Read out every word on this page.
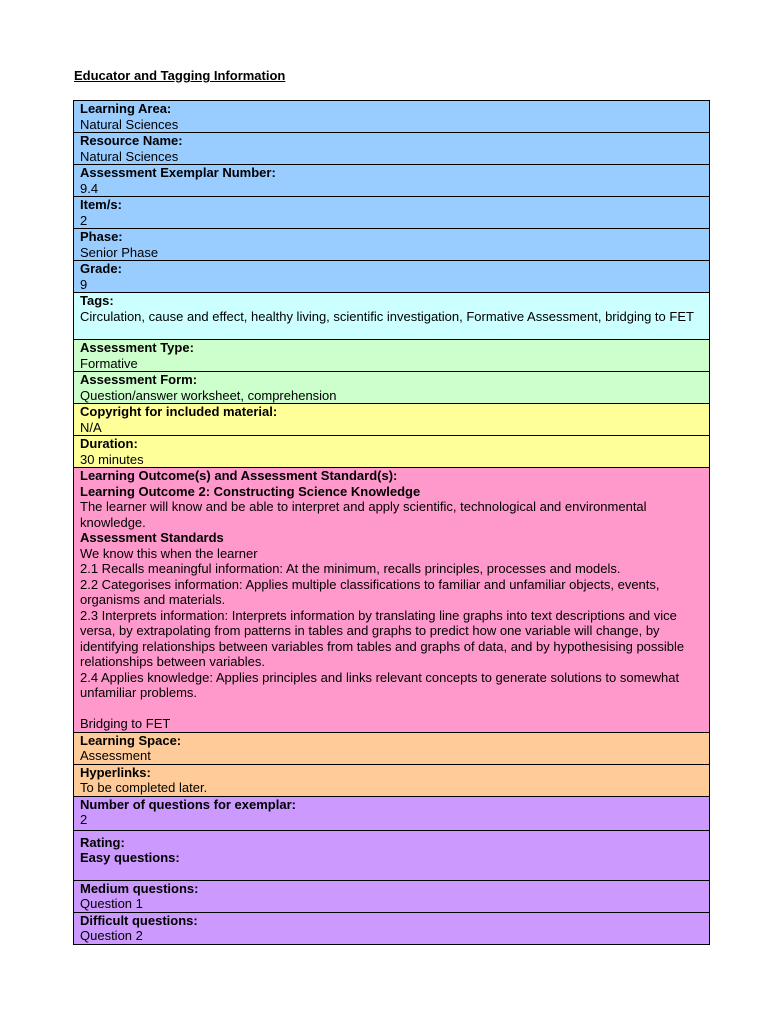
Educator and Tagging Information
Learning Area:
Natural Sciences

Resource Name:
Natural Sciences

Assessment Exemplar Number:
9.4

Item/s:
2

Phase:
Senior Phase

Grade:
9

Tags:
Circulation, cause and effect, healthy living, scientific investigation, Formative Assessment, bridging to FET

Assessment Type:
Formative

Assessment Form:
Question/answer worksheet, comprehension

Copyright for included material:
N/A

Duration:
30 minutes

Learning Outcome(s) and Assessment Standard(s):
Learning Outcome 2: Constructing Science Knowledge
The learner will know and be able to interpret and apply scientific, technological and environmental knowledge.
Assessment Standards
We know this when the learner
2.1 Recalls meaningful information: At the minimum, recalls principles, processes and models.
2.2 Categorises information: Applies multiple classifications to familiar and unfamiliar objects, events, organisms and materials.
2.3 Interprets information: Interprets information by translating line graphs into text descriptions and vice versa, by extrapolating from patterns in tables and graphs to predict how one variable will change, by identifying relationships between variables from tables and graphs of data, and by hypothesising possible relationships between variables.
2.4 Applies knowledge: Applies principles and links relevant concepts to generate solutions to somewhat unfamiliar problems.
Bridging to FET

Learning Space:
Assessment

Hyperlinks:
To be completed later.

Number of questions for exemplar:
2

Rating:
Easy questions:

Medium questions:
Question 1

Difficult questions:
Question 2
